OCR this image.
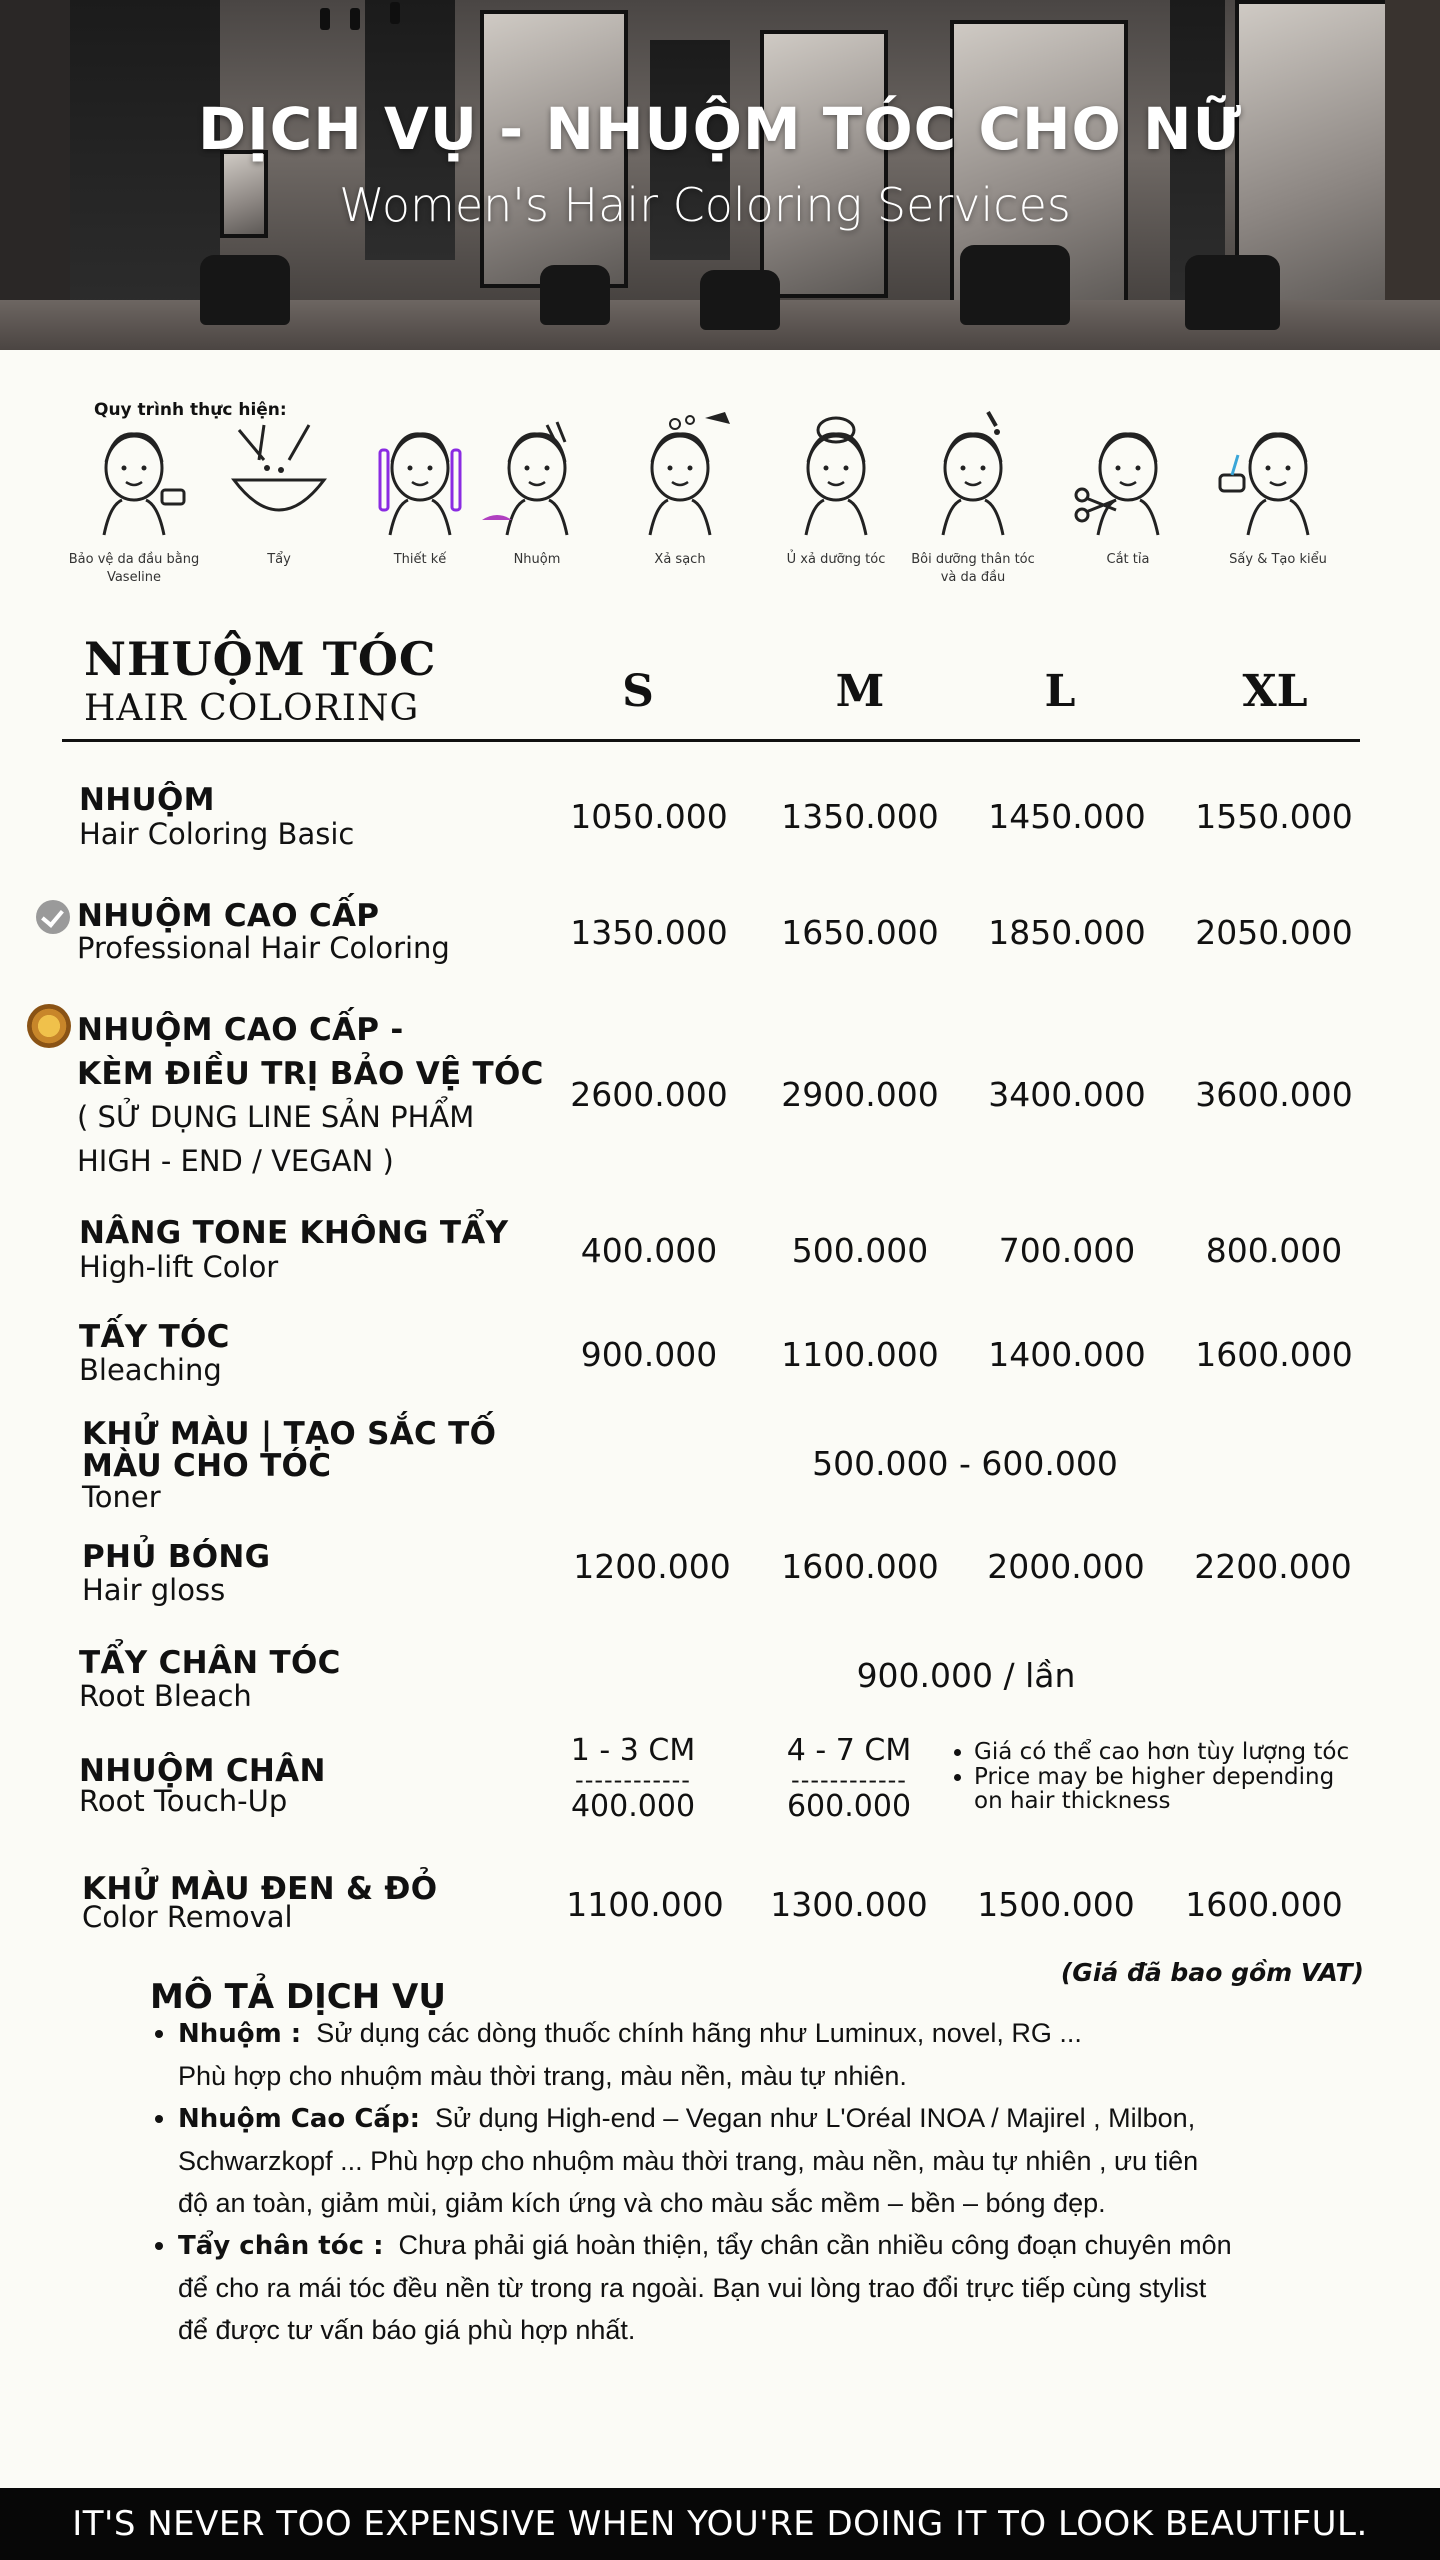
DỊCH VỤ - NHUỘM TÓC CHO NỮ
Women's Hair Coloring Services
Quy trình thực hiện:
Bảo vệ da đầu bằng Vaseline
Tẩy	Thiết kế	Nhuộm	Xả sạch	Ủ xả dưỡng tóc	Bôi dưỡng thân tóc và da đầu
Cắt tỉa	Sấy & Tạo kiểu
NHUỘM TÓC
HAIR COLORING	S	M	L	XL
NHUỘM
Hair Coloring Basic	1050.000	1350.000	1450.000	1550.000
NHUỘM CAO CẤP
Professional Hair Coloring	1350.000	1650.000	1850.000	2050.000
NHUỘM CAO CẤP -
KÈM ĐIỀU TRỊ BẢO VỆ TÓC
( SỬ DỤNG LINE SẢN PHẨM
HIGH - END / VEGAN )
2600.000	2900.000	3400.000	3600.000
NÂNG TONE KHÔNG TẨY
High-lift Color	400.000	500.000	700.000	800.000
TẤY TÓC
Bleaching	900.000	1100.000	1400.000	1600.000
KHỬ MÀU | TẠO SẮC TỐ
MÀU CHO TÓC
Toner
500.000 - 600.000
PHỦ BÓNG
Hair gloss
1200.000	1600.000	2000.000	2200.000
TẨY CHÂN TÓC
Root Bleach
900.000 / lần
NHUỘM CHÂN
Root Touch-Up
1 - 3 CM
------------
400.000
4 - 7 CM
------------
600.000
• Giá có thể cao hơn tùy lượng tóc
• Price may be higher depending on hair thickness
KHỬ MÀU ĐEN & ĐỎ
Color Removal	1100.000	1300.000	1500.000	1600.000
(Giá đã bao gồm VAT)
MÔ TẢ DỊCH VỤ
• Nhuộm : Sử dụng các dòng thuốc chính hãng như Luminux, novel, RG ...
Phù hợp cho nhuộm màu thời trang, màu nền, màu tự nhiên.
• Nhuộm Cao Cấp: Sử dụng High-end – Vegan như L'Oréal INOA / Majirel , Milbon,
Schwarzkopf ... Phù hợp cho nhuộm màu thời trang, màu nền, màu tự nhiên , ưu tiên
độ an toàn, giảm mùi, giảm kích ứng và cho màu sắc mềm – bền – bóng đẹp.
• Tẩy chân tóc : Chưa phải giá hoàn thiện, tẩy chân cần nhiều công đoạn chuyên môn
để cho ra mái tóc đều nền từ trong ra ngoài. Bạn vui lòng trao đổi trực tiếp cùng stylist
để được tư vấn báo giá phù hợp nhất.
IT'S NEVER TOO EXPENSIVE WHEN YOU'RE DOING IT TO LOOK BEAUTIFUL.
